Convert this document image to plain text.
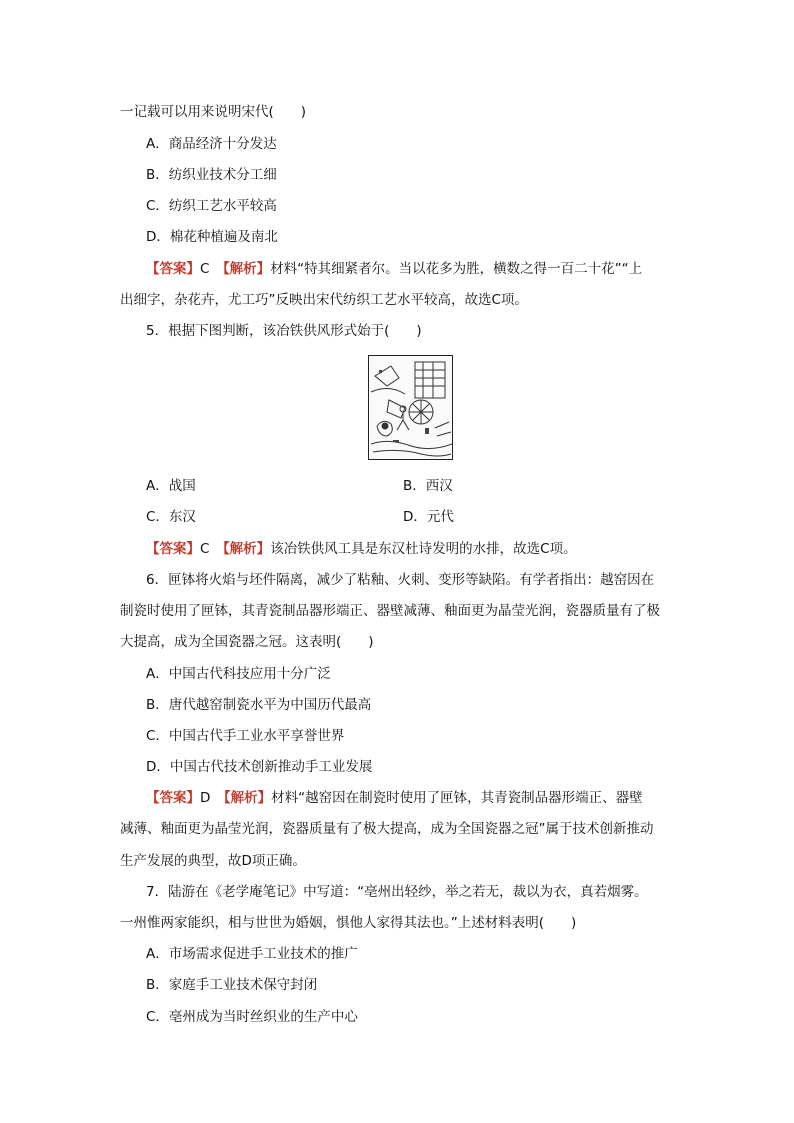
一记载可以用来说明宋代(　　)
A．商品经济十分发达
B．纺织业技术分工细
C．纺织工艺水平较高
D．棉花种植遍及南北
【答案】C　 【解析】材料“特其细紧者尔。当以花多为胜，横数之得一百二十花”“上
出细字，杂花卉，尤工巧”反映出宋代纺织工艺水平较高，故选C项。
5．根据下图判断，该冶铁供风形式始于(　　)
A．战国	B．西汉
C．东汉	D．元代
【答案】C　 【解析】该冶铁供风工具是东汉杜诗发明的水排，故选C项。
6．匣钵将火焰与坯件隔离，减少了粘釉、火刺、变形等缺陷。有学者指出：越窑因在
制瓷时使用了匣钵，其青瓷制品器形端正、器壁减薄、釉面更为晶莹光润，瓷器质量有了极
大提高，成为全国瓷器之冠。这表明(　　)
A．中国古代科技应用十分广泛
B．唐代越窑制瓷水平为中国历代最高
C．中国古代手工业水平享誉世界
D．中国古代技术创新推动手工业发展
【答案】D　 【解析】材料“越窑因在制瓷时使用了匣钵，其青瓷制品器形端正、器壁
减薄、釉面更为晶莹光润，瓷器质量有了极大提高，成为全国瓷器之冠”属于技术创新推动
生产发展的典型，故D项正确。
7．陆游在《老学庵笔记》中写道：“亳州出轻纱，举之若无，裁以为衣，真若烟雾。
一州惟两家能织，相与世世为婚姻，惧他人家得其法也。”上述材料表明(　　)
A．市场需求促进手工业技术的推广
B．家庭手工业技术保守封闭
C．亳州成为当时丝织业的生产中心
